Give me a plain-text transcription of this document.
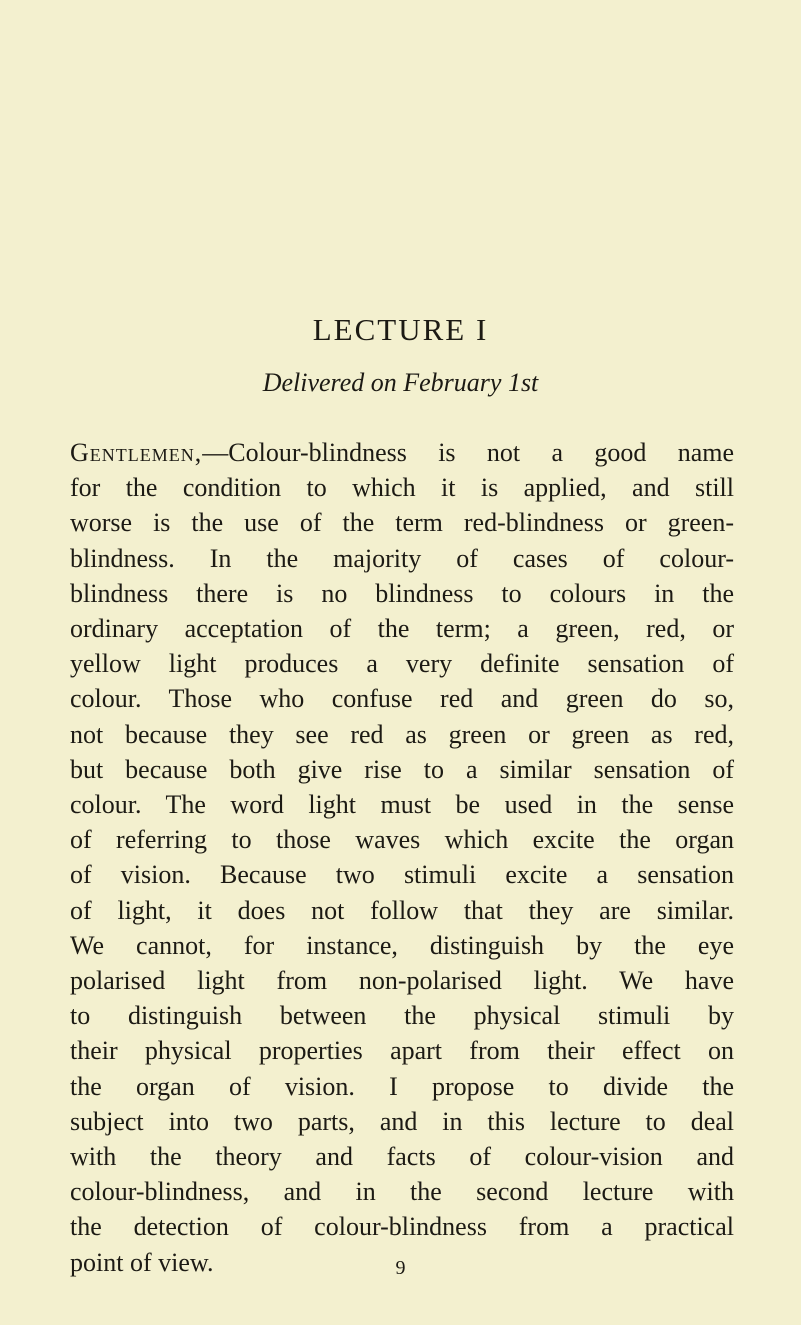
LECTURE I
Delivered on February 1st
Gentlemen,—Colour-blindness is not a good name
for the condition to which it is applied, and still
worse is the use of the term red-blindness or green-
blindness. In the majority of cases of colour-
blindness there is no blindness to colours in the
ordinary acceptation of the term; a green, red, or
yellow light produces a very definite sensation of
colour. Those who confuse red and green do so,
not because they see red as green or green as red,
but because both give rise to a similar sensation of
colour. The word light must be used in the sense
of referring to those waves which excite the organ
of vision. Because two stimuli excite a sensation
of light, it does not follow that they are similar.
We cannot, for instance, distinguish by the eye
polarised light from non-polarised light. We have
to distinguish between the physical stimuli by
their physical properties apart from their effect on
the organ of vision. I propose to divide the
subject into two parts, and in this lecture to deal
with the theory and facts of colour-vision and
colour-blindness, and in the second lecture with
the detection of colour-blindness from a practical
point of view.	9
